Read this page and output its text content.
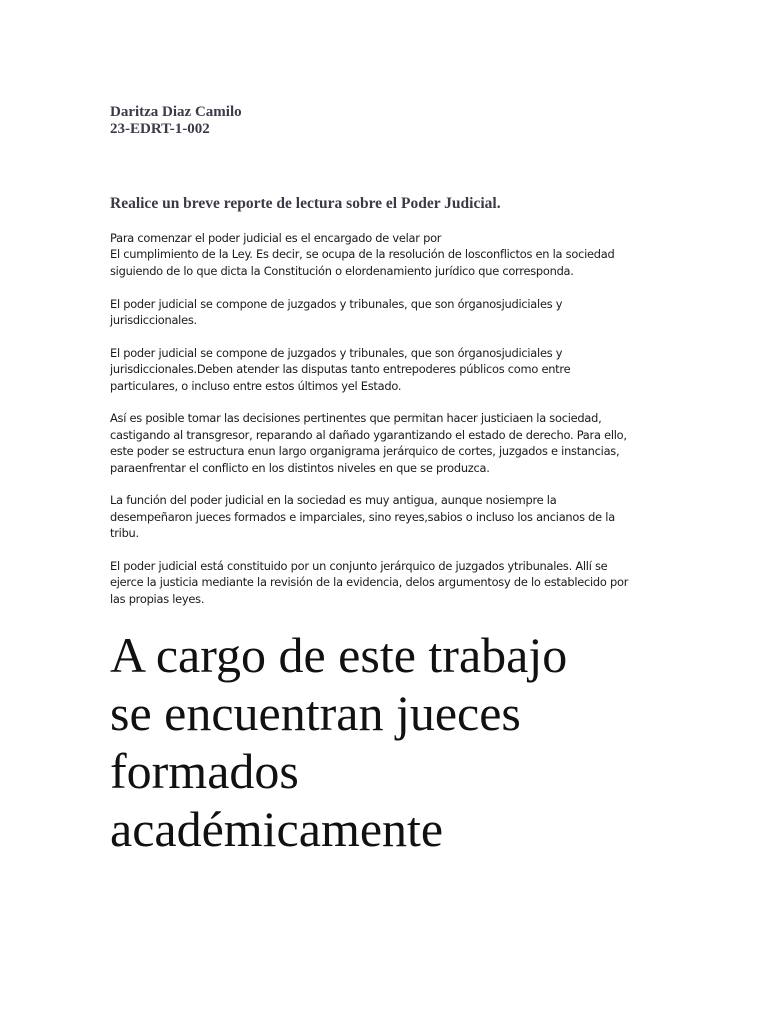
Daritza Diaz Camilo
23-EDRT-1-002
Realice un breve reporte de lectura sobre el Poder Judicial.

Para comenzar el poder judicial es el encargado de velar por
El cumplimiento de la Ley. Es decir, se ocupa de la resolución de losconflictos en la sociedad
siguiendo de lo que dicta la Constitución o elordenamiento jurídico que corresponda.

El poder judicial se compone de juzgados y tribunales, que son órganosjudiciales y
jurisdiccionales.

El poder judicial se compone de juzgados y tribunales, que son órganosjudiciales y
jurisdiccionales.Deben atender las disputas tanto entrepoderes públicos como entre
particulares, o incluso entre estos últimos yel Estado.

Así es posible tomar las decisiones pertinentes que permitan hacer justiciaen la sociedad,
castigando al transgresor, reparando al dañado ygarantizando el estado de derecho. Para ello,
este poder se estructura enun largo organigrama jerárquico de cortes, juzgados e instancias,
paraenfrentar el conflicto en los distintos niveles en que se produzca.

La función del poder judicial en la sociedad es muy antigua, aunque nosiempre la
desempeñaron jueces formados e imparciales, sino reyes,sabios o incluso los ancianos de la
tribu.

El poder judicial está constituido por un conjunto jerárquico de juzgados ytribunales. Allí se
ejerce la justicia mediante la revisión de la evidencia, delos argumentosy de lo establecido por
las propias leyes.

A cargo de este trabajo
se encuentran jueces
formados
académicamente
